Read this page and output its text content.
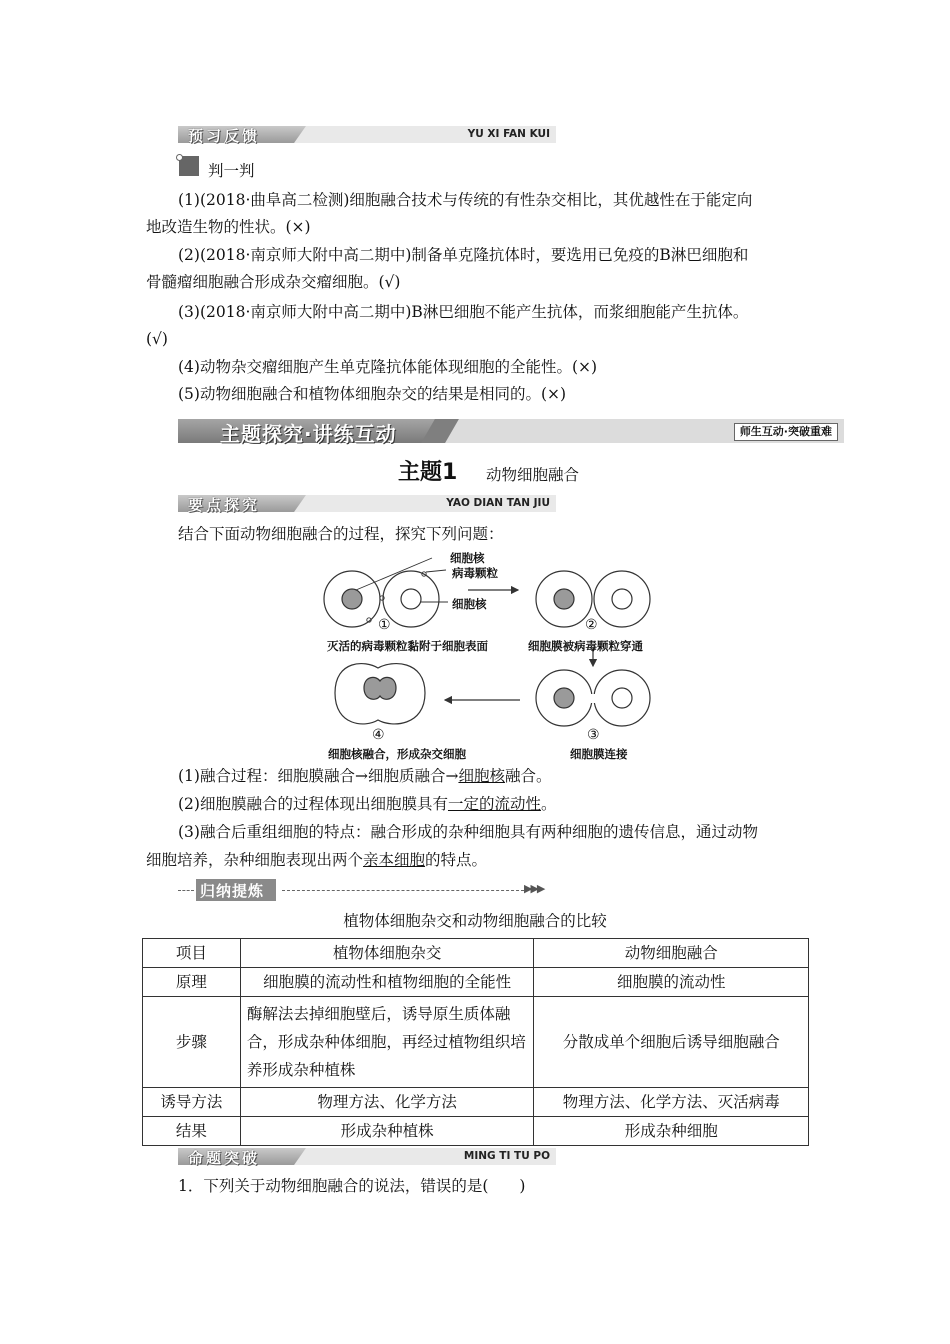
预习反馈	YU XI FAN KUI
判一判
(1)(2018·曲阜高二检测)细胞融合技术与传统的有性杂交相比，其优越性在于能定向
地改造生物的性状。(×)
(2)(2018·南京师大附中高二期中)制备单克隆抗体时，要选用已免疫的B淋巴细胞和
骨髓瘤细胞融合形成杂交瘤细胞。(√)
(3)(2018·南京师大附中高二期中)B淋巴细胞不能产生抗体，而浆细胞能产生抗体。
(√)
(4)动物杂交瘤细胞产生单克隆抗体能体现细胞的全能性。(×)
(5)动物细胞融合和植物体细胞杂交的结果是相同的。(×)
主题探究·讲练互动	师生互动·突破重难
主题1 动物细胞融合
要点探究	YAO DIAN TAN JIU
结合下面动物细胞融合的过程，探究下列问题：
细胞核
病毒颗粒
细胞核
①
灭活的病毒颗粒黏附于细胞表面
②
细胞膜被病毒颗粒穿通
④
细胞核融合，形成杂交细胞
③
细胞膜连接
(1)融合过程：细胞膜融合→细胞质融合→细胞核融合。
(2)细胞膜融合的过程体现出细胞膜具有一定的流动性。
(3)融合后重组细胞的特点：融合形成的杂种细胞具有两种细胞的遗传信息，通过动物
细胞培养，杂种细胞表现出两个亲本细胞的特点。
归纳提炼	▶▶▶
植物体细胞杂交和动物细胞融合的比较
项目	植物体细胞杂交	动物细胞融合
原理	细胞膜的流动性和植物细胞的全能性	细胞膜的流动性
步骤	酶解法去掉细胞壁后，诱导原生质体融合，形成杂种体细胞，再经过植物组织培养形成杂种植株	分散成单个细胞后诱导细胞融合
诱导方法	物理方法、化学方法	物理方法、化学方法、灭活病毒
结果	形成杂种植株	形成杂种细胞
命题突破	MING TI TU PO
1．下列关于动物细胞融合的说法，错误的是(　　)
